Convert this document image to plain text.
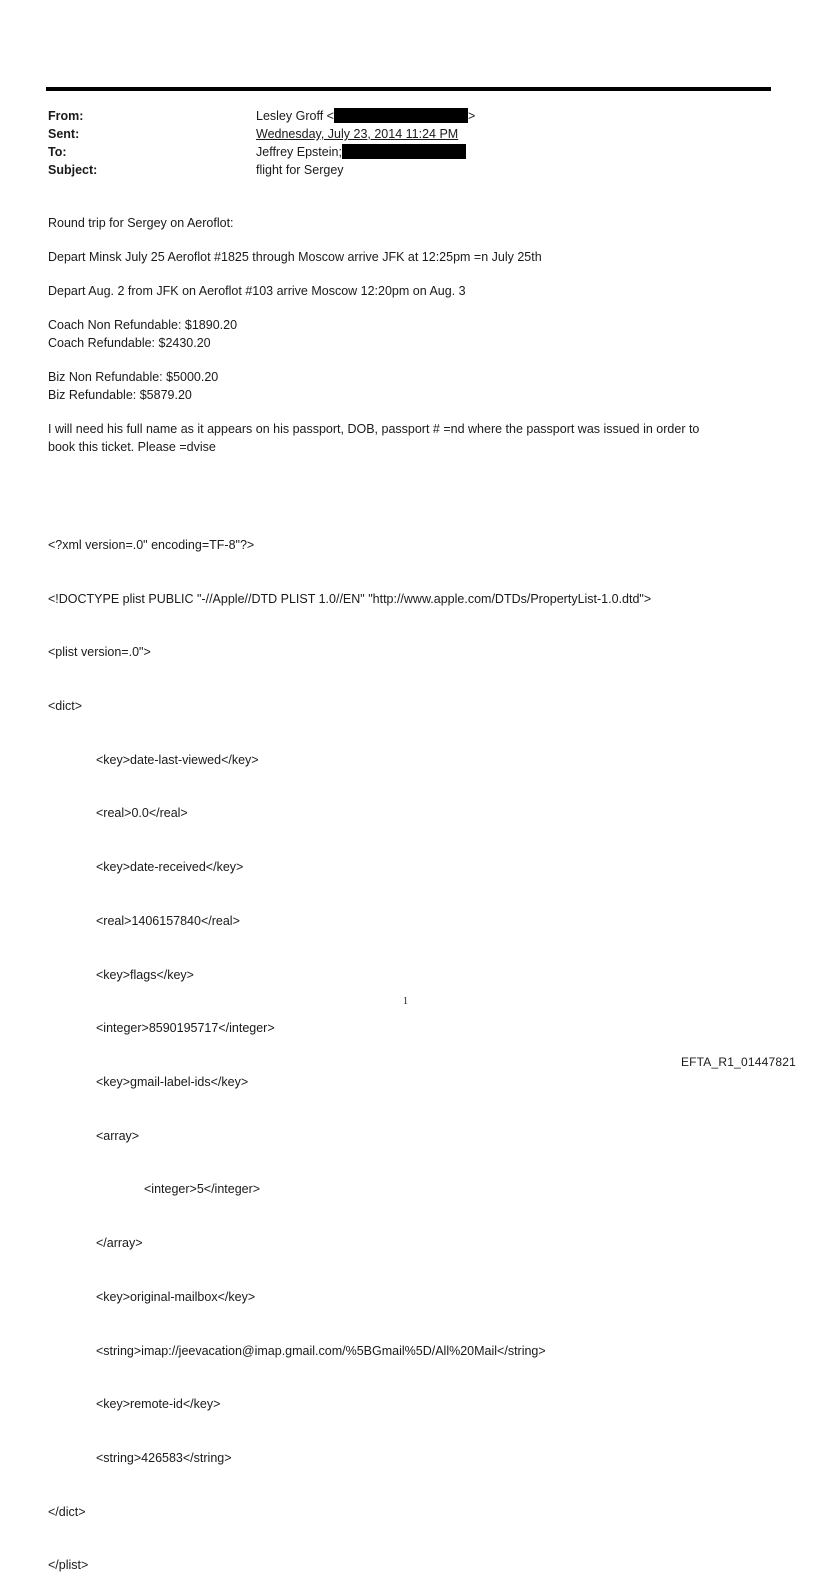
From:	Lesley Groff <	>
Sent:	Wednesday, July 23, 2014 11:24 PM
To:	Jeffrey Epstein;
Subject:	flight for Sergey

Round trip for Sergey on Aeroflot:

Depart Minsk July 25 Aeroflot #1825 through Moscow arrive JFK at 12:25pm =n July 25th

Depart Aug. 2 from JFK on Aeroflot #103 arrive Moscow 12:20pm on Aug. 3

Coach Non Refundable: $1890.20

Coach Refundable: $2430.20

Biz Non Refundable: $5000.20

Biz Refundable: $5879.20

I will need his full name as it appears on his passport, DOB, passport # =nd where the passport was issued in order to

book this ticket. Please =dvise

<?xml version=.0" encoding=TF-8"?>

<!DOCTYPE plist PUBLIC "-//Apple//DTD PLIST 1.0//EN" "http://www.apple.com/DTDs/PropertyList-1.0.dtd">

<plist version=.0">

<dict>

<key>date-last-viewed</key>

<real>0.0</real>

<key>date-received</key>

<real>1406157840</real>

<key>flags</key>

<integer>8590195717</integer>

<key>gmail-label-ids</key>

<array>

<integer>5</integer>

</array>

<key>original-mailbox</key>

<string>imap://jeevacation@imap.gmail.com/%5BGmail%5D/All%20Mail</string>

<key>remote-id</key>

<string>426583</string>

</dict>

</plist>

1
EFTA_R1_01447821
